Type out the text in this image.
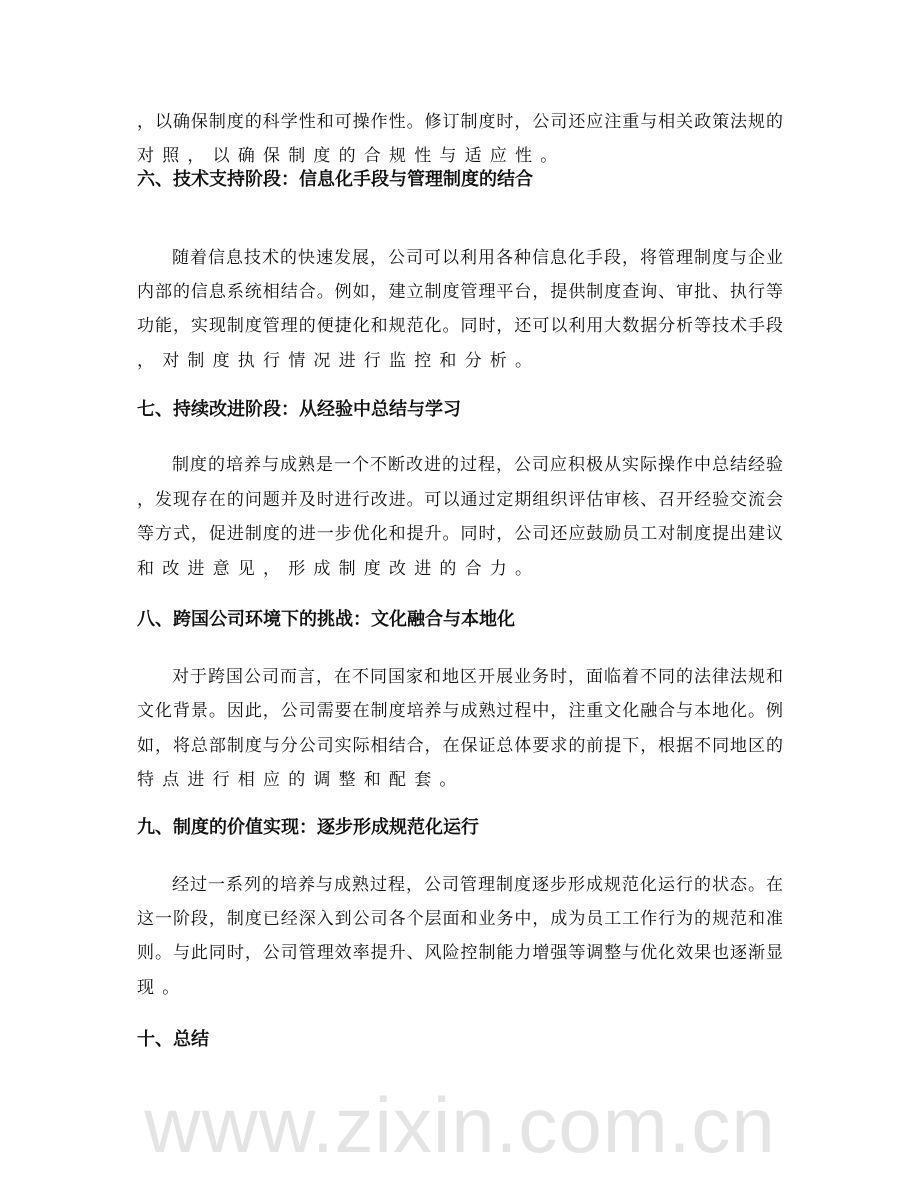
www.zixin.com.cn
，以确保制度的科学性和可操作性。修订制度时，公司还应注重与相关政策法规的
对照，以确保制度的合规性与适应性。
六、技术支持阶段：信息化手段与管理制度的结合
随着信息技术的快速发展，公司可以利用各种信息化手段，将管理制度与企业
内部的信息系统相结合。例如，建立制度管理平台，提供制度查询、审批、执行等
功能，实现制度管理的便捷化和规范化。同时，还可以利用大数据分析等技术手段
，对制度执行情况进行监控和分析。
七、持续改进阶段：从经验中总结与学习
制度的培养与成熟是一个不断改进的过程，公司应积极从实际操作中总结经验
，发现存在的问题并及时进行改进。可以通过定期组织评估审核、召开经验交流会
等方式，促进制度的进一步优化和提升。同时，公司还应鼓励员工对制度提出建议
和改进意见，形成制度改进的合力。
八、跨国公司环境下的挑战：文化融合与本地化
对于跨国公司而言，在不同国家和地区开展业务时，面临着不同的法律法规和
文化背景。因此，公司需要在制度培养与成熟过程中，注重文化融合与本地化。例
如，将总部制度与分公司实际相结合，在保证总体要求的前提下，根据不同地区的
特点进行相应的调整和配套。
九、制度的价值实现：逐步形成规范化运行
经过一系列的培养与成熟过程，公司管理制度逐步形成规范化运行的状态。在
这一阶段，制度已经深入到公司各个层面和业务中，成为员工工作行为的规范和准
则。与此同时，公司管理效率提升、风险控制能力增强等调整与优化效果也逐渐显
现。
十、总结
